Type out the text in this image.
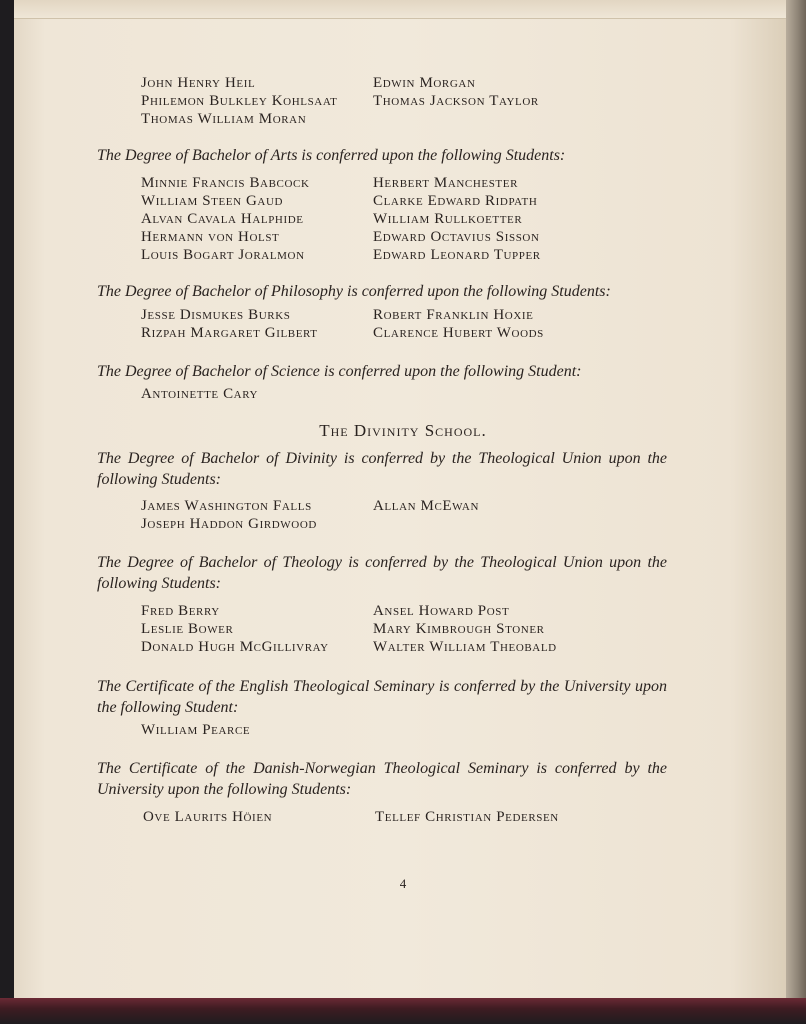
John Henry Heil
Philemon Bulkley Kohlsaat
Thomas William Moran
Edwin Morgan
Thomas Jackson Taylor
The Degree of Bachelor of Arts is conferred upon the following Students:
Minnie Francis Babcock
William Steen Gaud
Alvan Cavala Halphide
Hermann von Holst
Louis Bogart Joralmon
Herbert Manchester
Clarke Edward Ridpath
William Rullkoetter
Edward Octavius Sisson
Edward Leonard Tupper
The Degree of Bachelor of Philosophy is conferred upon the following Students:
Jesse Dismukes Burks
Rizpah Margaret Gilbert
Robert Franklin Hoxie
Clarence Hubert Woods
The Degree of Bachelor of Science is conferred upon the following Student:
Antoinette Cary
The Divinity School.
The Degree of Bachelor of Divinity is conferred by the Theological Union upon the following Students:
James Washington Falls
Joseph Haddon Girdwood
Allan McEwan
The Degree of Bachelor of Theology is conferred by the Theological Union upon the following Students:
Fred Berry
Leslie Bower
Donald Hugh McGillivray
Ansel Howard Post
Mary Kimbrough Stoner
Walter William Theobald
The Certificate of the English Theological Seminary is conferred by the University upon the following Student:
William Pearce
The Certificate of the Danish-Norwegian Theological Seminary is conferred by the University upon the following Students:
Ove Laurits Höien	Tellef Christian Pedersen
4
